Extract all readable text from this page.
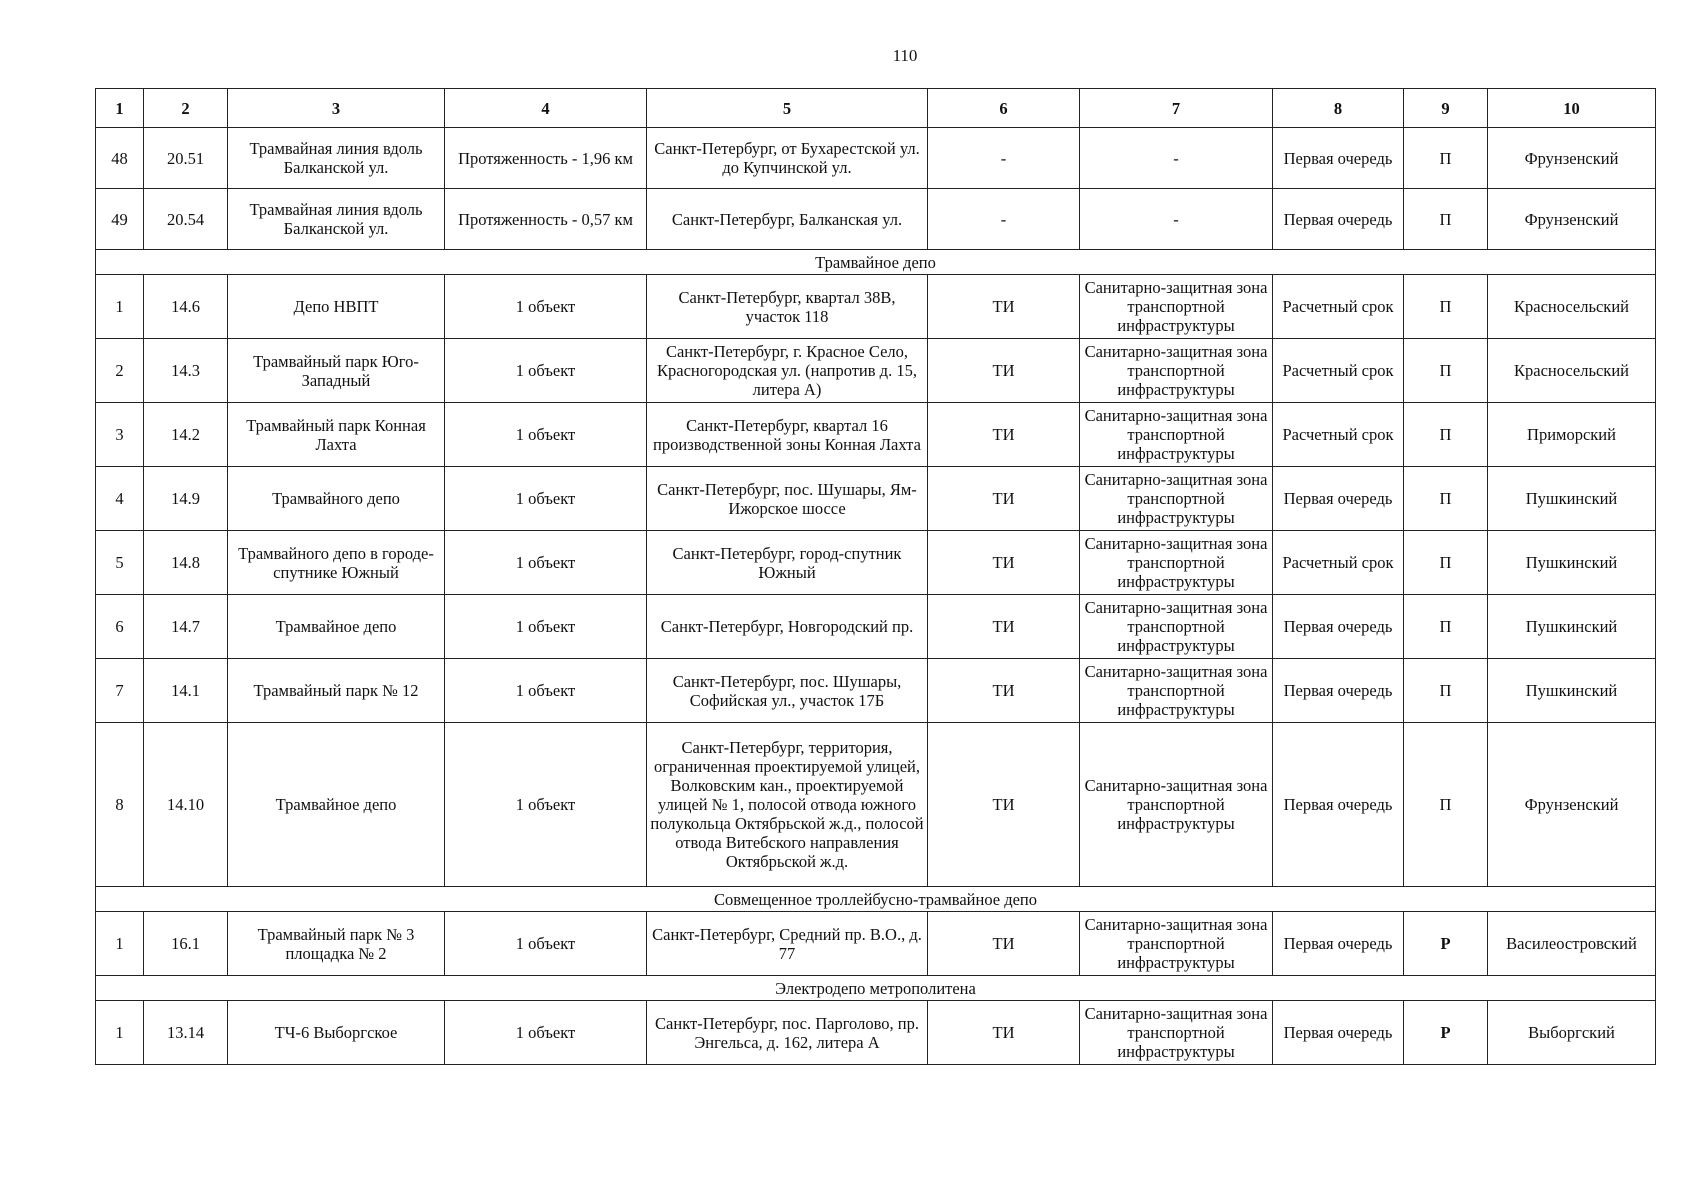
110
1	2	3	4	5	6	7	8	9	10
48	20.51	Трамвайная линия вдоль Балканской ул.	Протяженность - 1,96 км	Санкт-Петербург, от Бухарестской ул. до Купчинской ул.	-	-	Первая очередь	П	Фрунзенский
49	20.54	Трамвайная линия вдоль Балканской ул.	Протяженность - 0,57 км	Санкт-Петербург, Балканская ул.	-	-	Первая очередь	П	Фрунзенский
Трамвайное депо									
1	14.6	Депо НВПТ	1 объект	Санкт-Петербург, квартал 38В, участок 118	ТИ	Санитарно-защитная зона транспортной инфраструктуры	Расчетный срок	П	Красносельский
2	14.3	Трамвайный парк Юго-Западный	1 объект	Санкт-Петербург, г. Красное Село, Красногородская ул. (напротив д. 15, литера А)	ТИ	Санитарно-защитная зона транспортной инфраструктуры	Расчетный срок	П	Красносельский
3	14.2	Трамвайный парк Конная Лахта	1 объект	Санкт-Петербург, квартал 16 производственной зоны Конная Лахта	ТИ	Санитарно-защитная зона транспортной инфраструктуры	Расчетный срок	П	Приморский
4	14.9	Трамвайного депо	1 объект	Санкт-Петербург, пос. Шушары, Ям-Ижорское шоссе	ТИ	Санитарно-защитная зона транспортной инфраструктуры	Первая очередь	П	Пушкинский
5	14.8	Трамвайного депо в городе-спутнике Южный	1 объект	Санкт-Петербург, город-спутник Южный	ТИ	Санитарно-защитная зона транспортной инфраструктуры	Расчетный срок	П	Пушкинский
6	14.7	Трамвайное депо	1 объект	Санкт-Петербург, Новгородский пр.	ТИ	Санитарно-защитная зона транспортной инфраструктуры	Первая очередь	П	Пушкинский
7	14.1	Трамвайный парк № 12	1 объект	Санкт-Петербург, пос. Шушары, Софийская ул., участок 17Б	ТИ	Санитарно-защитная зона транспортной инфраструктуры	Первая очередь	П	Пушкинский
8	14.10	Трамвайное депо	1 объект	Санкт-Петербург, территория, ограниченная проектируемой улицей, Волковским кан., проектируемой улицей № 1, полосой отвода южного полукольца Октябрьской ж.д., полосой отвода Витебского направления Октябрьской ж.д.	ТИ	Санитарно-защитная зона транспортной инфраструктуры	Первая очередь	П	Фрунзенский
Совмещенное троллейбусно-трамвайное депо									
1	16.1	Трамвайный парк № 3 площадка № 2	1 объект	Санкт-Петербург, Средний пр. В.О., д. 77	ТИ	Санитарно-защитная зона транспортной инфраструктуры	Первая очередь	Р	Василеостровский
Электродепо метрополитена									
1	13.14	ТЧ-6 Выборгское	1 объект	Санкт-Петербург, пос. Парголово, пр. Энгельса, д. 162, литера А	ТИ	Санитарно-защитная зона транспортной инфраструктуры	Первая очередь	Р	Выборгский
